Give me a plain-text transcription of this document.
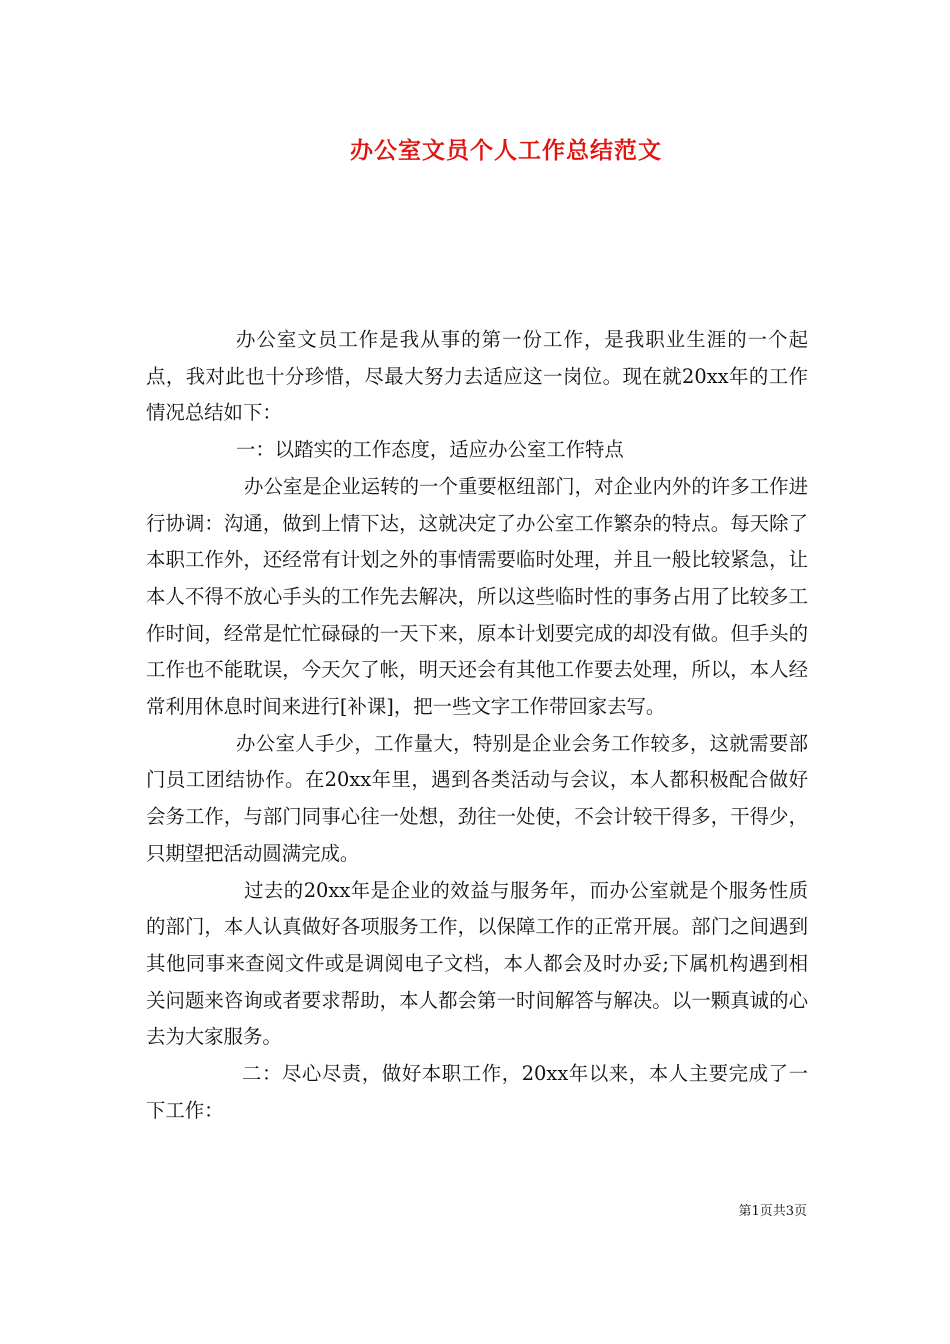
办公室文员个人工作总结范文

办公室文员工作是我从事的第一份工作，是我职业生涯的一个起点，我对此也十分珍惜，尽最大努力去适应这一岗位。现在就20xx年的工作情况总结如下：

一：以踏实的工作态度，适应办公室工作特点

办公室是企业运转的一个重要枢纽部门，对企业内外的许多工作进行协调：沟通，做到上情下达，这就决定了办公室工作繁杂的特点。每天除了本职工作外，还经常有计划之外的事情需要临时处理，并且一般比较紧急，让本人不得不放心手头的工作先去解决，所以这些临时性的事务占用了比较多工作时间，经常是忙忙碌碌的一天下来，原本计划要完成的却没有做。但手头的工作也不能耽误，今天欠了帐，明天还会有其他工作要去处理，所以，本人经常利用休息时间来进行[补课]，把一些文字工作带回家去写。

办公室人手少，工作量大，特别是企业会务工作较多，这就需要部门员工团结协作。在20xx年里，遇到各类活动与会议，本人都积极配合做好会务工作，与部门同事心往一处想，劲往一处使，不会计较干得多，干得少，只期望把活动圆满完成。

过去的20xx年是企业的效益与服务年，而办公室就是个服务性质的部门，本人认真做好各项服务工作，以保障工作的正常开展。部门之间遇到其他同事来查阅文件或是调阅电子文档，本人都会及时办妥;下属机构遇到相关问题来咨询或者要求帮助，本人都会第一时间解答与解决。以一颗真诚的心去为大家服务。

二：尽心尽责，做好本职工作，20xx年以来，本人主要完成了一下工作：

第1页共3页
